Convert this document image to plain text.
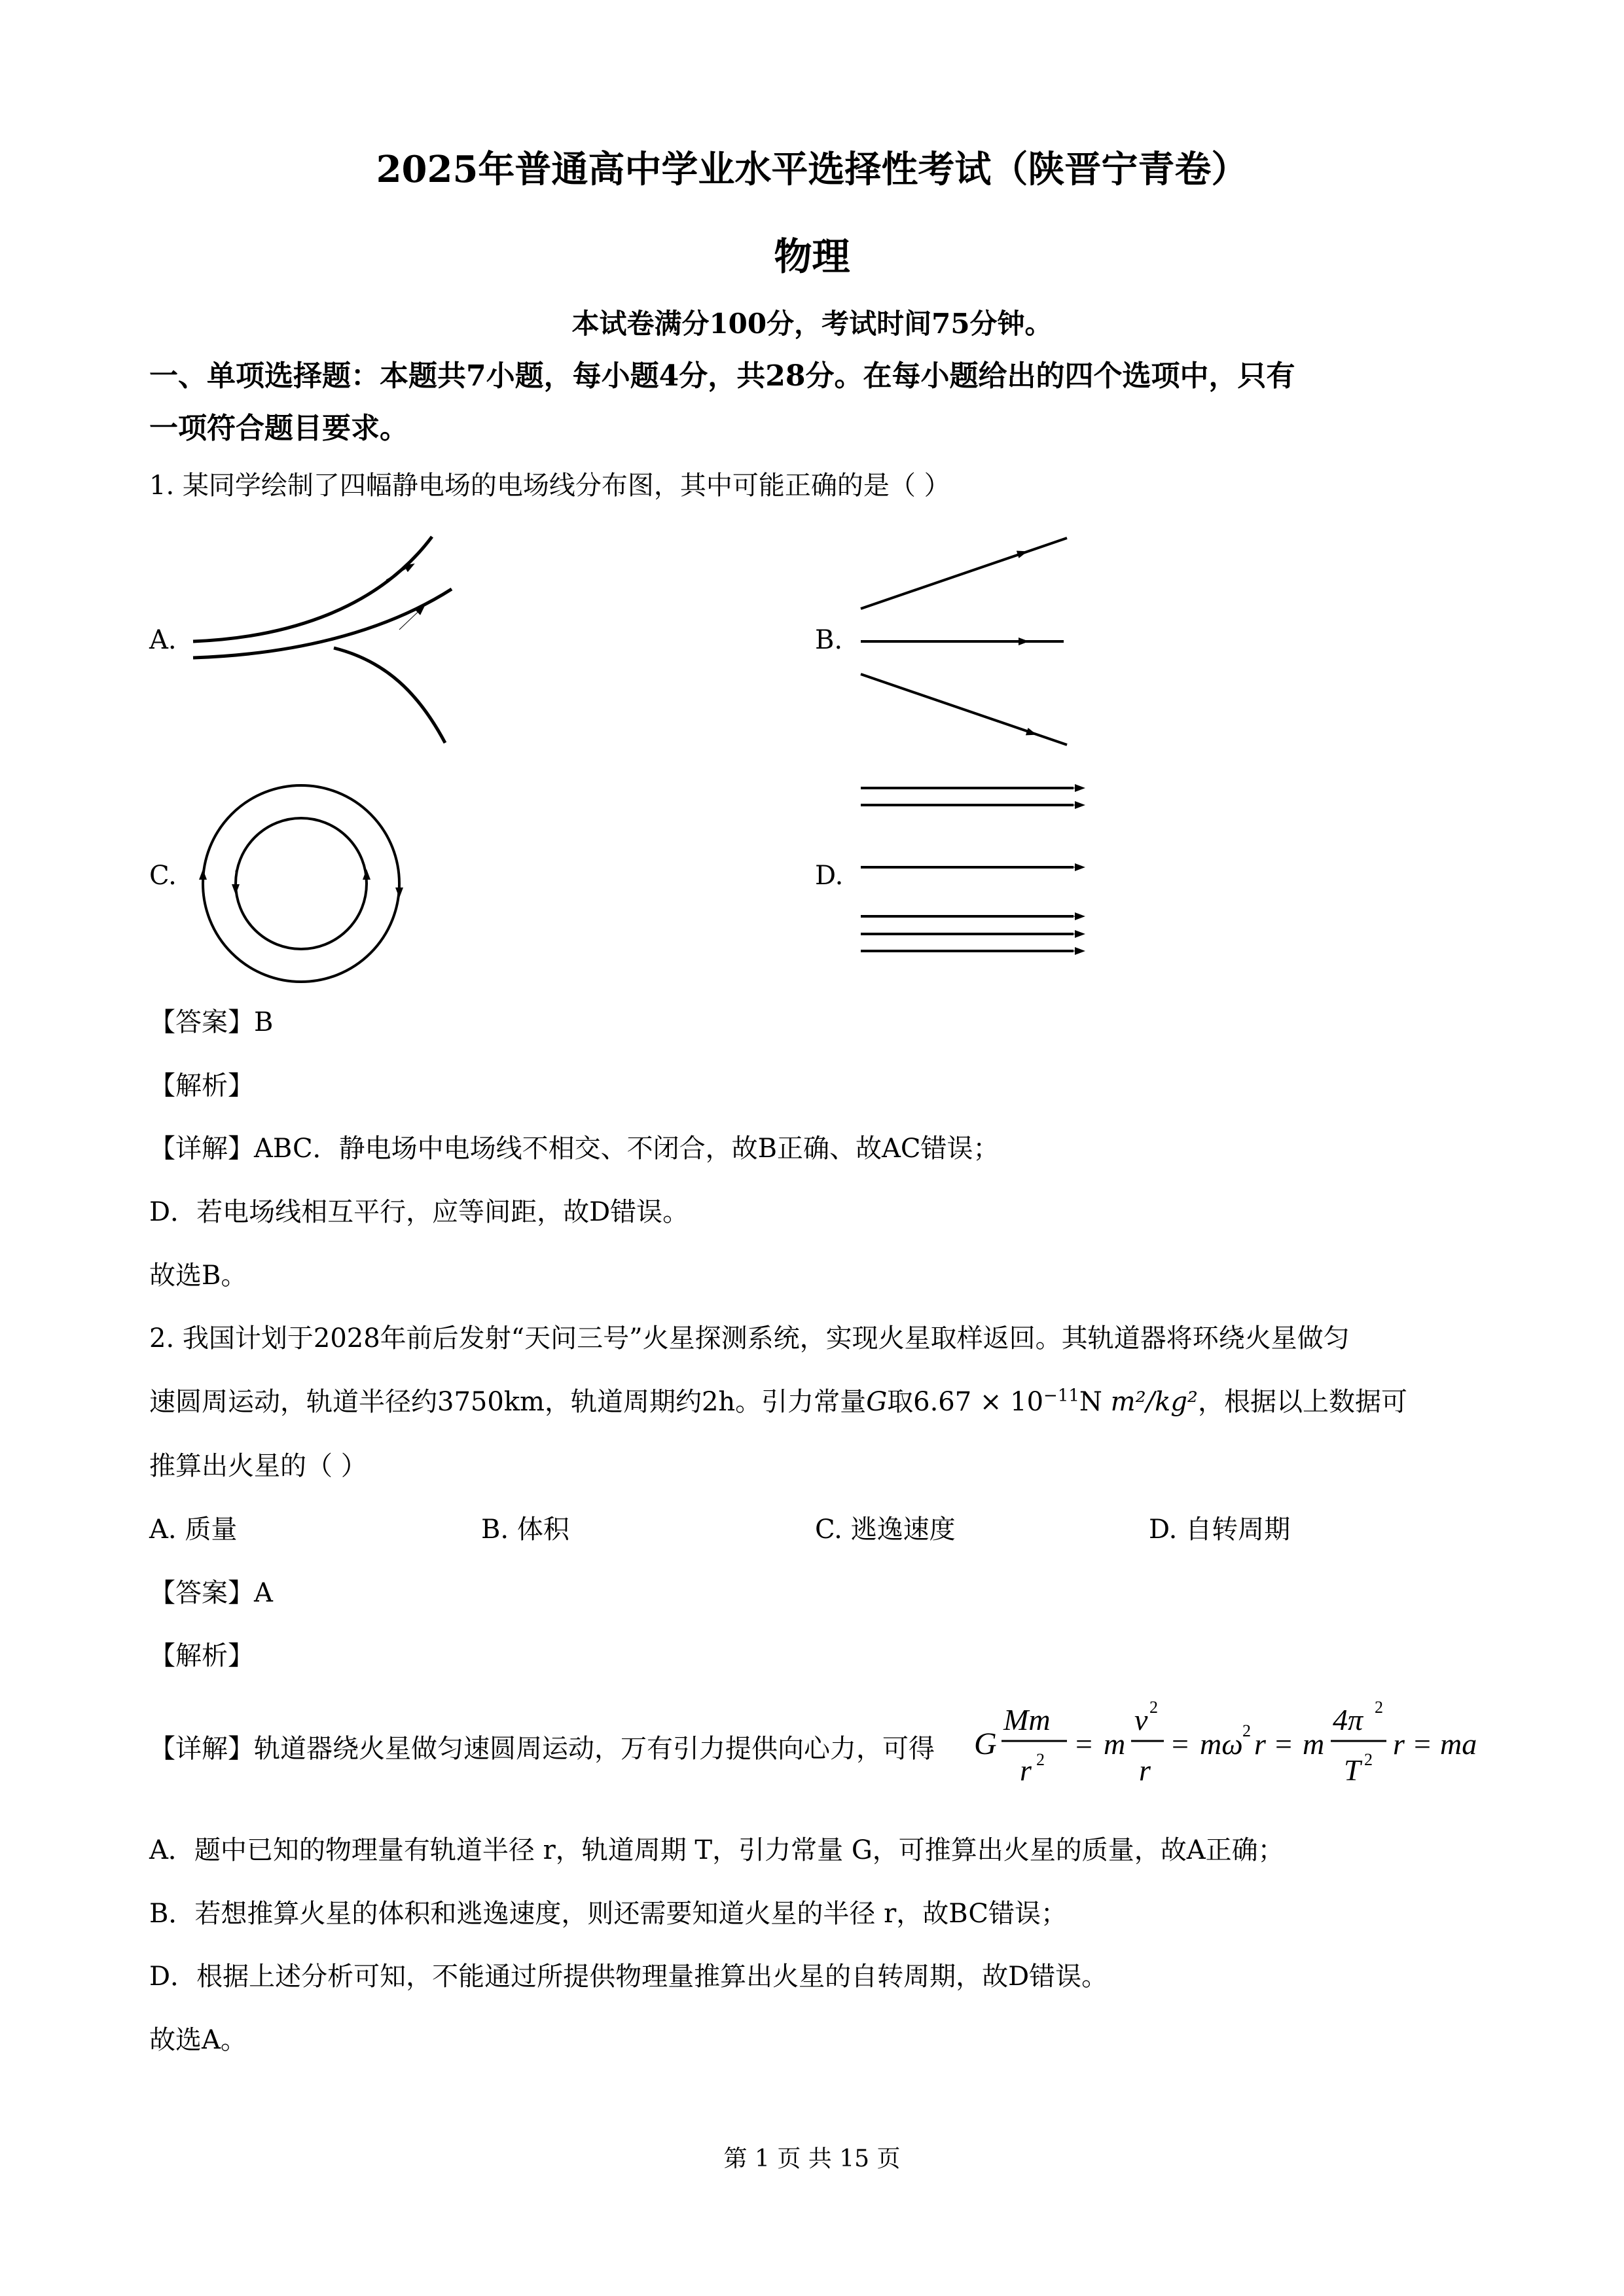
2025年普通高中学业水平选择性考试（陕晋宁青卷）
物理
本试卷满分100分，考试时间75分钟。
一、单项选择题：本题共7小题，每小题4分，共28分。在每小题给出的四个选项中，只有
一项符合题目要求。
1. 某同学绘制了四幅静电场的电场线分布图，其中可能正确的是（ ）
A.	B.
C.	D.
【答案】B
【解析】
【详解】ABC．静电场中电场线不相交、不闭合，故B正确、故AC错误；
D．若电场线相互平行，应等间距，故D错误。
故选B。
2. 我国计划于2028年前后发射“天问三号”火星探测系统，实现火星取样返回。其轨道器将环绕火星做匀
速圆周运动，轨道半径约3750km，轨道周期约2h。引力常量G取$6.67 \times 10^{-11}N$ m²/kg²，根据以上数据可
推算出火星的（ ）
A. 质量	B. 体积	C. 逃逸速度	D. 自转周期
【答案】A
【解析】
【详解】轨道器绕火星做匀速圆周运动，万有引力提供向心力，可得 G
Mm
r 2 = m
v 2
r
= mω 2 r = m
4π 2
T 2 r = ma
A．题中已知的物理量有轨道半径 r，轨道周期 T，引力常量 G，可推算出火星的质量，故A正确；
B．若想推算火星的体积和逃逸速度，则还需要知道火星的半径 r，故BC错误；
D．根据上述分析可知，不能通过所提供物理量推算出火星的自转周期，故D错误。
故选A。
第 1 页 共 15 页
